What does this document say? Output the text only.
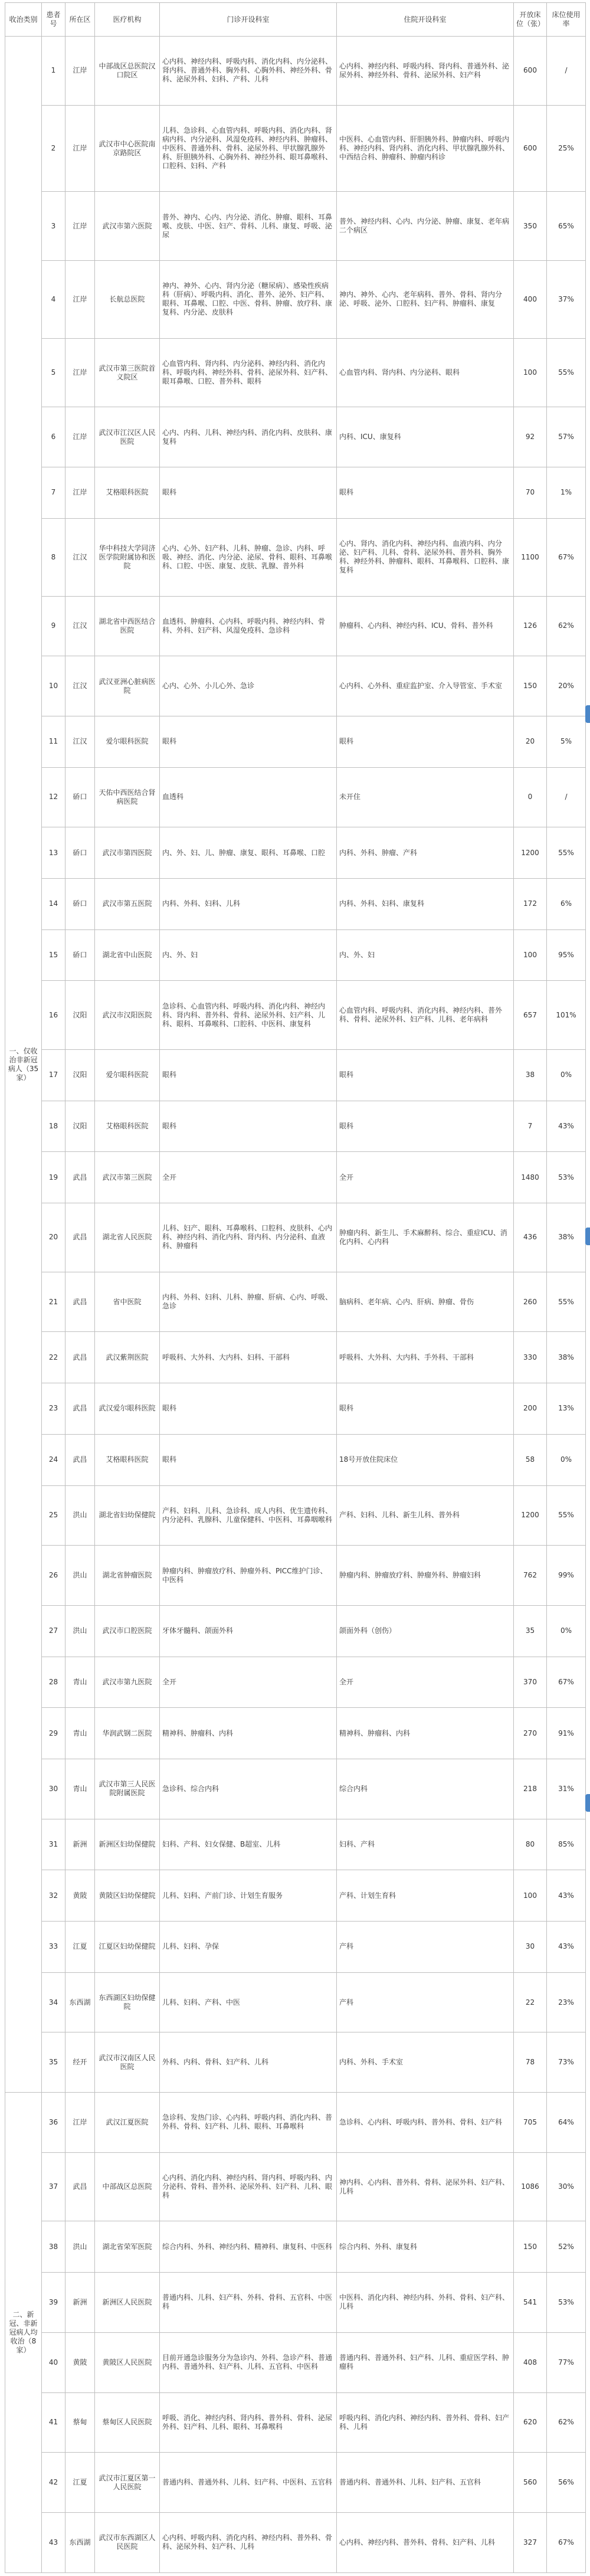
收治类别	患者号	所在区	医疗机构	门诊开设科室	住院开设科室	开放床位（张）	床位使用率
一、仅收治非新冠病人（35家）	1	江岸	中部战区总医院汉口院区	心内科、神经内科、呼吸内科、消化内科、内分泌科、肾内科、普通外科、胸外科、心胸外科、神经外科、骨科、泌尿外科、妇科、产科、儿科	心内科、神经内科、呼吸内科、肾内科、普通外科、泌尿外科、神经外科、骨科、泌尿外科、妇产科	600	/
	2	江岸	武汉市中心医院南京路院区	儿科、急诊科、心血管内科、呼吸内科、消化内科、肾病内科、内分泌科、风湿免疫科、神经内科、肿瘤科、中医科、普通外科、骨科、泌尿外科、甲状腺乳腺外科、肝胆胰外科、心胸外科、神经外科、眼耳鼻喉科、口腔科、妇科、产科	中医科、心血管内科、肝胆胰外科、肿瘤内科、呼吸内科、神经内科、肾内科、消化内科、甲状腺乳腺外科、中西结合科、肿瘤科、肿瘤内科诊	600	25%
	3	江岸	武汉市第六医院	普外、神内、心内、内分泌、消化、肿瘤、眼科、耳鼻喉、皮肤、中医、妇产、骨科、儿科、康复、呼吸、泌尿	普外、神经内科、心内、内分泌、肿瘤、康复、老年病二个病区	350	65%
	4	江岸	长航总医院	神内、神外、心内、肾内分泌（糖尿病）、感染性疾病科（肝病）、呼吸内科、消化、普外、泌外、妇产科、眼科、耳鼻喉、口腔、中医、骨科、肿瘤、放疗科、康复科、内分泌、皮肤科	神内、神外、心内、老年病科、普外、骨科、肾内分泌、呼吸、泌外、口腔科、妇产科、肿瘤科、康复	400	37%
	5	江岸	武汉市第三医院首义院区	心血管内科、肾内科、内分泌科、神经内科、消化内科、呼吸内科、神经外科、骨科、泌尿外科、妇产科、眼耳鼻喉、口腔、普外科、眼科	心血管内科、肾内科、内分泌科、眼科	100	55%
	6	江岸	武汉市江汉区人民医院	心内、内科、儿科、神经内科、消化内科、皮肤科、康复科	内科、ICU、康复科	92	57%
	7	江岸	艾格眼科医院	眼科	眼科	70	1%
	8	江汉	华中科技大学同济医学院附属协和医院	心内、心外、妇产科、儿科、肿瘤、急诊、内科、呼吸、神经、消化、内分泌、泌尿、骨科、眼科、耳鼻喉科、口腔、中医、康复、皮肤、乳腺、普外科	心内、肾内、消化内科、神经内科、血液内科、内分泌、妇产科、儿科、骨科、泌尿外科、普外科、胸外科、神经外科、肿瘤科、眼科、耳鼻喉科、口腔科、康复科	1100	67%
	9	江汉	湖北省中西医结合医院	血透科、肿瘤科、心内科、呼吸内科、神经内科、骨科、外科、妇产科、风湿免疫科、急诊科	肿瘤科、心内科、神经内科、ICU、骨科、普外科	126	62%
	10	江汉	武汉亚洲心脏病医院	心内、心外、小儿心外、急诊	心内科、心外科、重症监护室、介入导管室、手术室	150	20%
	11	江汉	爱尔眼科医院	眼科	眼科	20	5%
	12	硚口	天佑中西医结合肾病医院	血透科	未开住	0	/
	13	硚口	武汉市第四医院	内、外、妇、儿、肿瘤、康复、眼科、耳鼻喉、口腔	内科、外科、肿瘤、产科	1200	55%
	14	硚口	武汉市第五医院	内科、外科、妇科、儿科	内科、外科、妇科、康复科	172	6%
	15	硚口	湖北省中山医院	内、外、妇	内、外、妇	100	95%
	16	汉阳	武汉市汉阳医院	急诊科、心血管内科、呼吸内科、消化内科、神经内科、肾内科、普外科、骨科、泌尿外科、妇产科、儿科、眼科、耳鼻喉科、口腔科、中医科、康复科	心血管内科、呼吸内科、消化内科、神经内科、普外科、骨科、泌尿外科、妇产科、儿科、老年病科	657	101%
	17	汉阳	爱尔眼科医院	眼科	眼科	38	0%
	18	汉阳	艾格眼科医院	眼科	眼科	7	43%
	19	武昌	武汉市第三医院	全开	全开	1480	53%
	20	武昌	湖北省人民医院	儿科、妇产、眼科、耳鼻喉科、口腔科、皮肤科、心内科、神经内科、消化内科、肾内科、内分泌科、血液科、肿瘤科	肿瘤内科、新生儿、手术麻醉科、综合、重症ICU、消化内科、心内科	436	38%
	21	武昌	省中医院	内科、外科、妇科、儿科、肿瘤、肝病、心内、呼吸、急诊	脑病科、老年病、心内、肝病、肿瘤、骨伤	260	55%
	22	武昌	武汉紫荆医院	呼吸科、大外科、大内科、妇科、干部科	呼吸科、大外科、大内科、手外科、干部科	330	38%
	23	武昌	武汉爱尔眼科医院	眼科	眼科	200	13%
	24	武昌	艾格眼科医院	眼科	18号开放住院床位	58	0%
	25	洪山	湖北省妇幼保健院	产科、妇科、儿科、急诊科、成人内科、优生遗传科、内分泌科、乳腺科、儿童保健科、中医科、耳鼻咽喉科	产科、妇科、儿科、新生儿科、普外科	1200	55%
	26	洪山	湖北省肿瘤医院	肿瘤内科、肿瘤放疗科、肿瘤外科、PICC维护门诊、中医科	肿瘤内科、肿瘤放疗科、肿瘤外科、肿瘤妇科	762	99%
	27	洪山	武汉市口腔医院	牙体牙髓科、颌面外科	颌面外科（创伤）	35	0%
	28	青山	武汉市第九医院	全开	全开	370	67%
	29	青山	华润武钢二医院	精神科、肿瘤科、内科	精神科、肿瘤科、内科	270	91%
	30	青山	武汉市第三人民医院附属医院	急诊科、综合内科	综合内科	218	31%
	31	新洲	新洲区妇幼保健院	妇科、产科、妇女保健、B超室、儿科	妇科、产科	80	85%
	32	黄陂	黄陂区妇幼保健院	儿科、妇科、产前门诊、计划生育服务	产科、计划生育科	100	43%
	33	江夏	江夏区妇幼保健院	儿科、妇科、孕保	产科	30	43%
	34	东西湖	东西湖区妇幼保健院	儿科、妇科、产科、中医	产科	22	23%
	35	经开	武汉市汉南区人民医院	外科、内科、骨科、妇产科、儿科	内科、外科、手术室	78	73%
二、新冠、非新冠病人均收治（8家）	36	江岸	武汉江夏医院	急诊科、发热门诊、心内科、呼吸内科、消化内科、普外科、骨科、妇产科、儿科、眼科、耳鼻喉科	急诊科、心内科、呼吸内科、普外科、骨科、妇产科	705	64%
	37	武昌	中部战区总医院	心内科、消化内科、神经内科、肾内科、呼吸内科、内分泌科、骨科、普外科、泌尿外科、妇产科、儿科、眼科	神内科、心内科、普外科、骨科、泌尿外科、妇产科、儿科	1086	30%
	38	洪山	湖北省荣军医院	综合内科、外科、神经内科、精神科、康复科、中医科	综合内科、外科、康复科	150	52%
	39	新洲	新洲区人民医院	普通内科、儿科、妇产科、外科、骨科、五官科、中医科	中医科、消化内科、神经内科、外科、骨科、妇产科、儿科	541	53%
	40	黄陂	黄陂区人民医院	目前开通急诊服务分为急诊内、外科、急诊产科、普通内科、普通外科、妇产科、儿科、五官科、中医科	普通内科、普通外科、妇产科、儿科、重症医学科、肿瘤科	408	77%
	41	蔡甸	蔡甸区人民医院	呼吸、消化、神经内科、肾内科、普外科、骨科、泌尿外科、妇产科、儿科、眼科、耳鼻喉科	呼吸内科、消化内科、神经内科、普外科、骨科、妇产科、儿科	620	62%
	42	江夏	武汉市江夏区第一人民医院	普通内科、普通外科、儿科、妇产科、中医科、五官科	普通内科、普通外科、儿科、妇产科、五官科	560	56%
	43	东西湖	武汉市东西湖区人民医院	心内科、呼吸内科、消化内科、神经内科、普外科、骨科、泌尿外科、妇产科、儿科	心内科、神经内科、普外科、骨科、妇产科、儿科	327	67%
